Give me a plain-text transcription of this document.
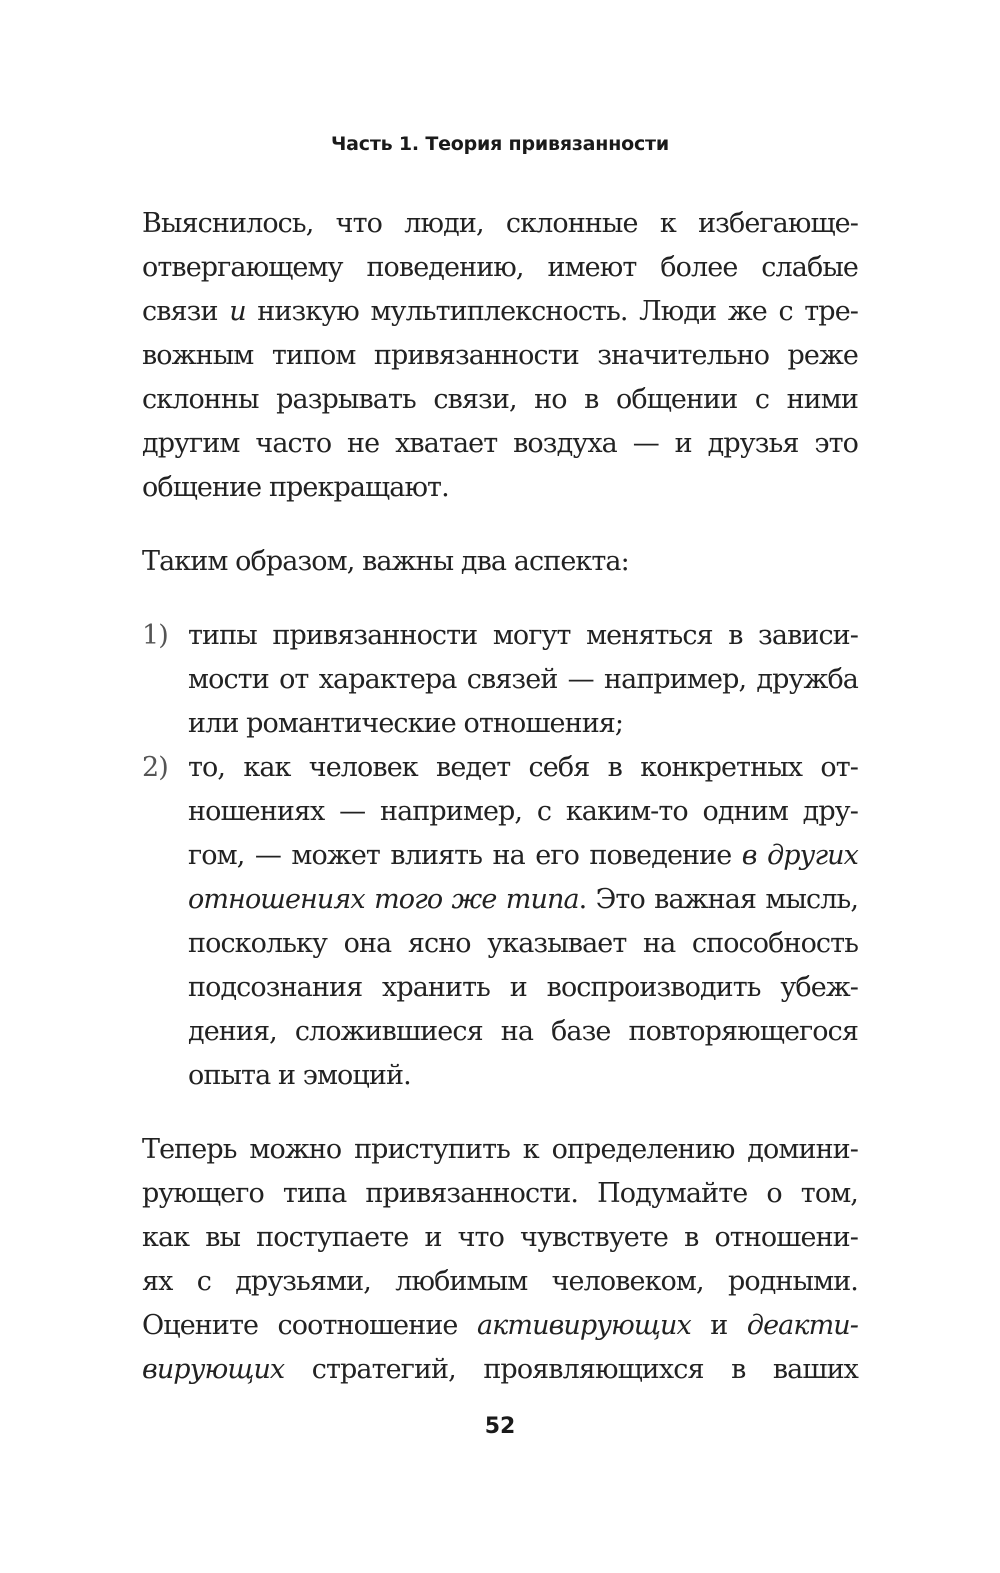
Часть 1. Теория привязанности
Выяснилось, что люди, склонные к избегающе-
отвергающему поведению, имеют более слабые
связи и низкую мультиплексность. Люди же с тре-
вожным типом привязанности значительно реже
склонны разрывать связи, но в общении с ними
другим часто не хватает воздуха — и друзья это
общение прекращают.
Таким образом, важны два аспекта:
1) типы привязанности могут меняться в зависи-
мости от характера связей — например, дружба
или романтические отношения;
2) то, как человек ведет себя в конкретных от-
ношениях — например, с каким-то одним дру-
гом, — может влиять на его поведение в других
отношениях того же типа. Это важная мысль,
поскольку она ясно указывает на способность
подсознания хранить и воспроизводить убеж-
дения, сложившиеся на базе повторяющегося
опыта и эмоций.
Теперь можно приступить к определению домини-
рующего типа привязанности. Подумайте о том,
как вы поступаете и что чувствуете в отношени-
ях с друзьями, любимым человеком, родными.
Оцените соотношение активирующих и деакти-
вирующих стратегий, проявляющихся в ваших
52
